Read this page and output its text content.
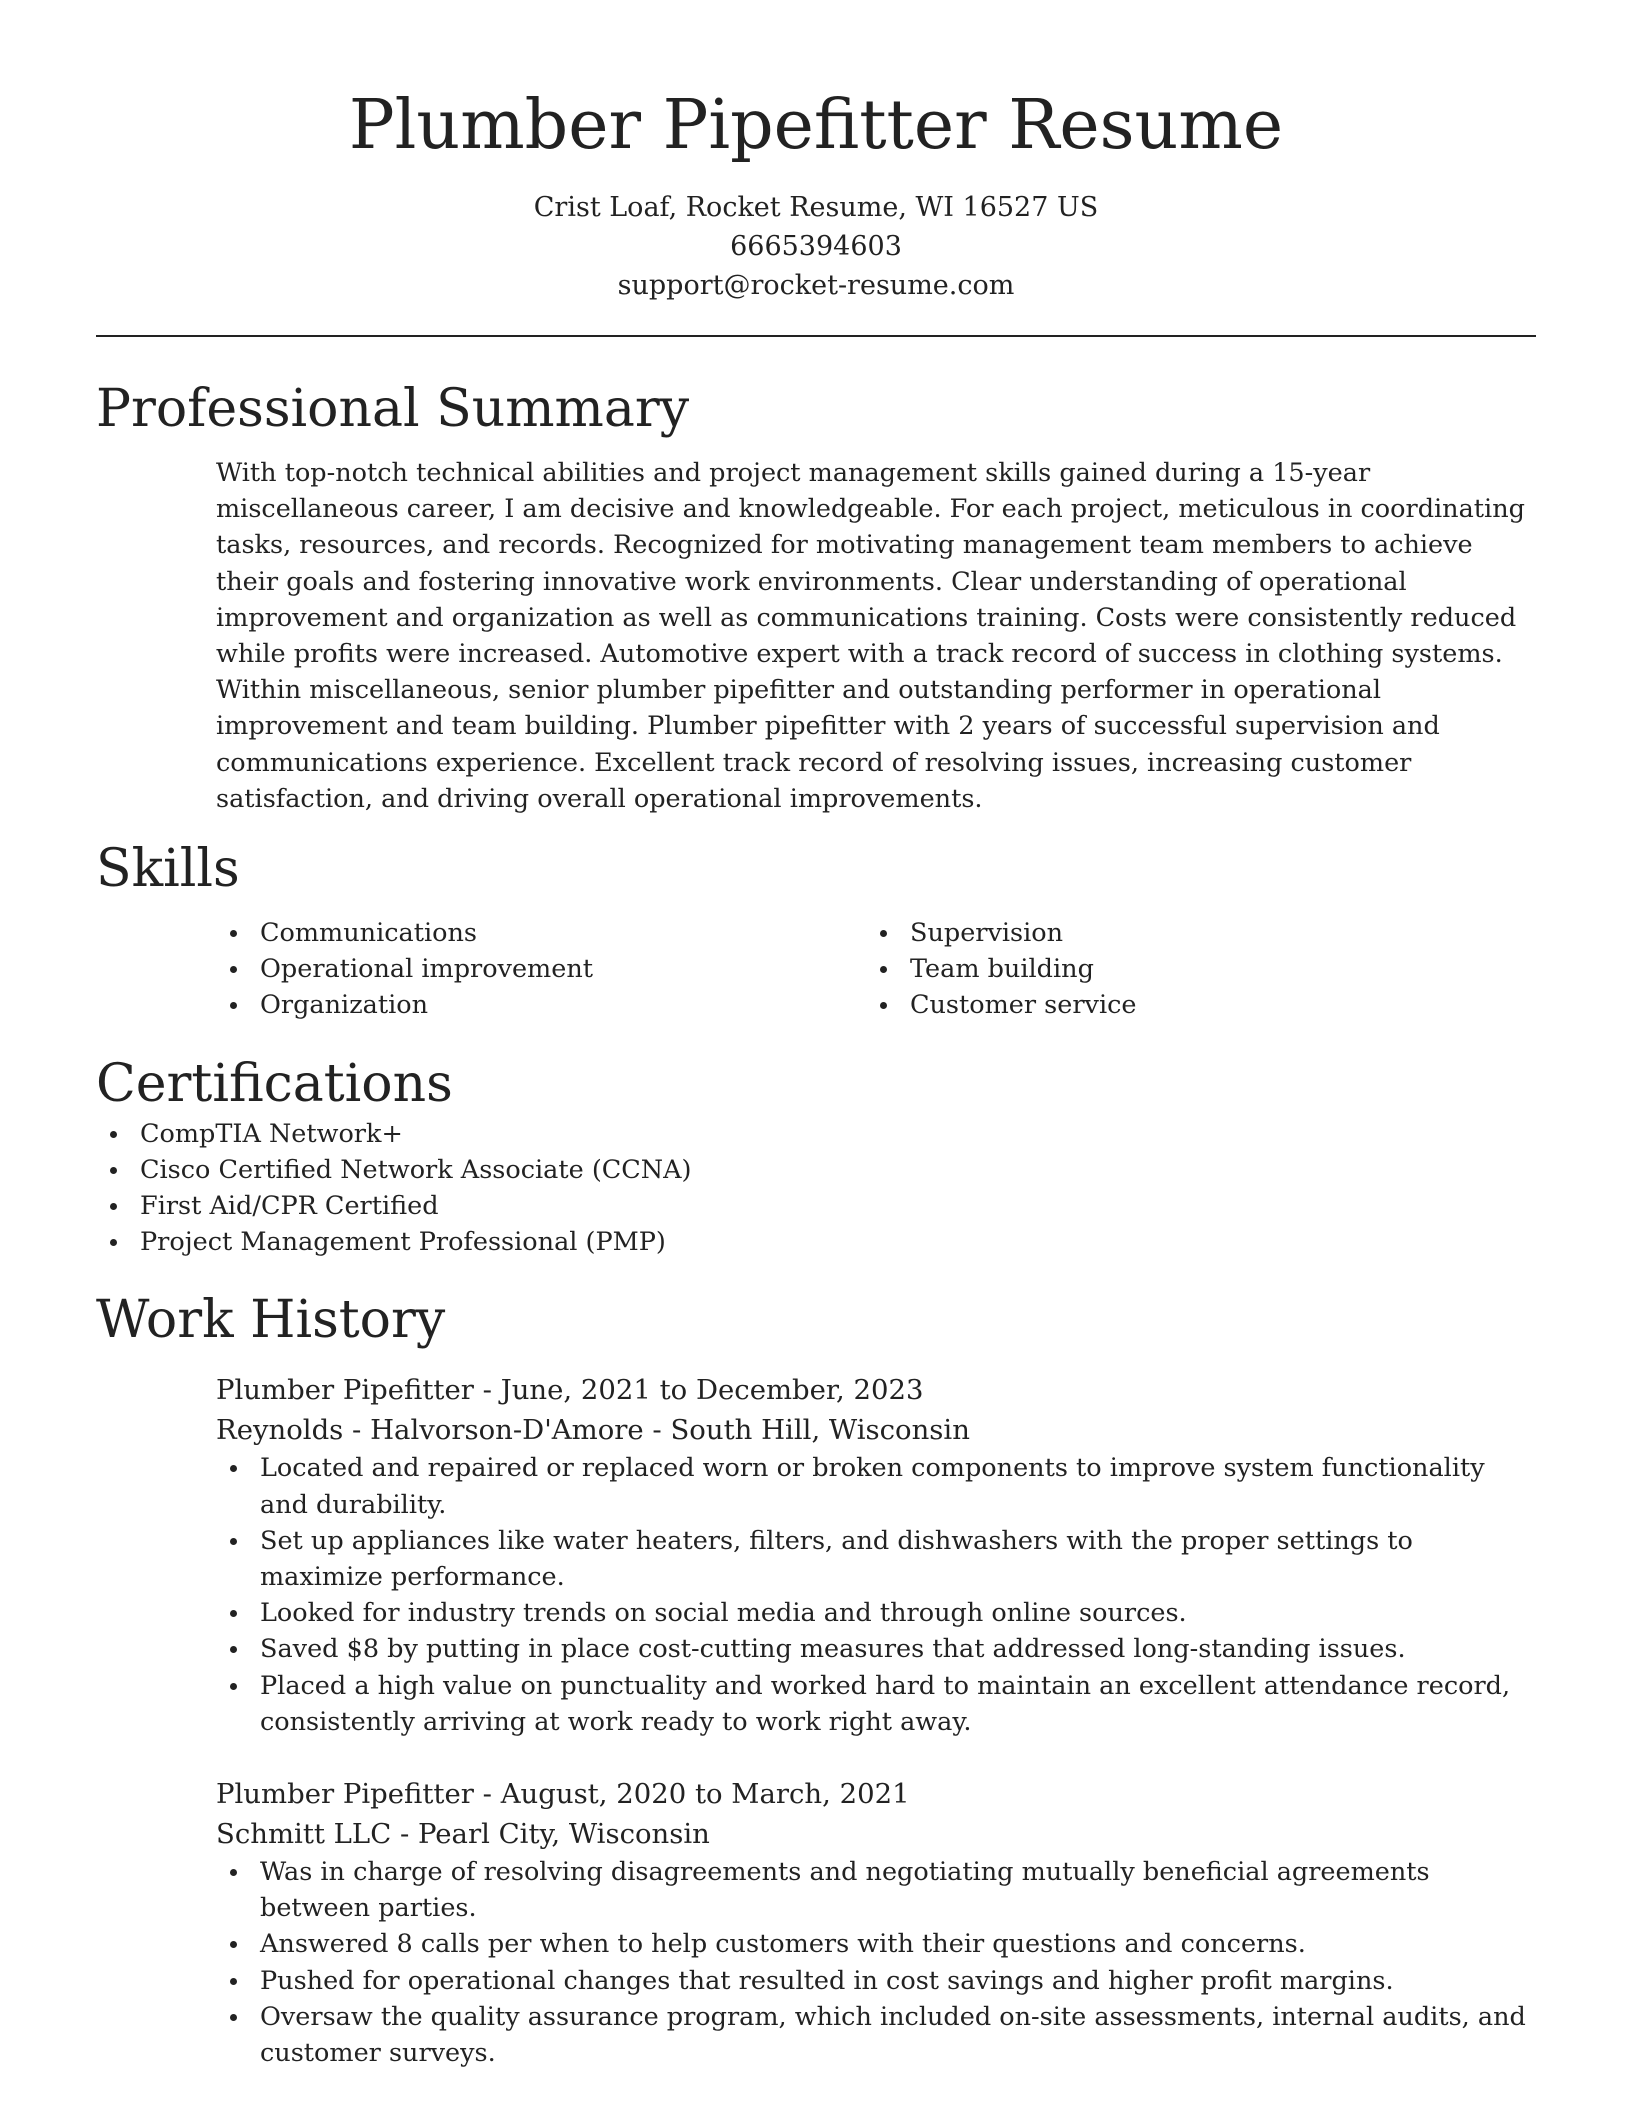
Plumber Pipefitter Resume

Crist Loaf, Rocket Resume, WI 16527 US

6665394603

support@rocket-resume.com

Professional Summary

With top-notch technical abilities and project management skills gained during a 15-year miscellaneous career, I am decisive and knowledgeable. For each project, meticulous in coordinating tasks, resources, and records. Recognized for motivating management team members to achieve their goals and fostering innovative work environments. Clear understanding of operational improvement and organization as well as communications training. Costs were consistently reduced while profits were increased. Automotive expert with a track record of success in clothing systems. Within miscellaneous, senior plumber pipefitter and outstanding performer in operational improvement and team building. Plumber pipefitter with 2 years of successful supervision and communications experience. Excellent track record of resolving issues, increasing customer satisfaction, and driving overall operational improvements.

Skills
Communications
Operational improvement
Organization
Supervision
Team building
Customer service
Certifications
CompTIA Network+
Cisco Certified Network Associate (CCNA)
First Aid/CPR Certified
Project Management Professional (PMP)
Work History

Plumber Pipefitter - June, 2021 to December, 2023

Reynolds - Halvorson-D'Amore - South Hill, Wisconsin

Located and repaired or replaced worn or broken components to improve system functionality and durability.
Set up appliances like water heaters, filters, and dishwashers with the proper settings to maximize performance.
Looked for industry trends on social media and through online sources.
Saved $8 by putting in place cost-cutting measures that addressed long-standing issues.
Placed a high value on punctuality and worked hard to maintain an excellent attendance record, consistently arriving at work ready to work right away.

Plumber Pipefitter - August, 2020 to March, 2021

Schmitt LLC - Pearl City, Wisconsin

Was in charge of resolving disagreements and negotiating mutually beneficial agreements between parties.
Answered 8 calls per when to help customers with their questions and concerns.
Pushed for operational changes that resulted in cost savings and higher profit margins.
Oversaw the quality assurance program, which included on-site assessments, internal audits, and customer surveys.
